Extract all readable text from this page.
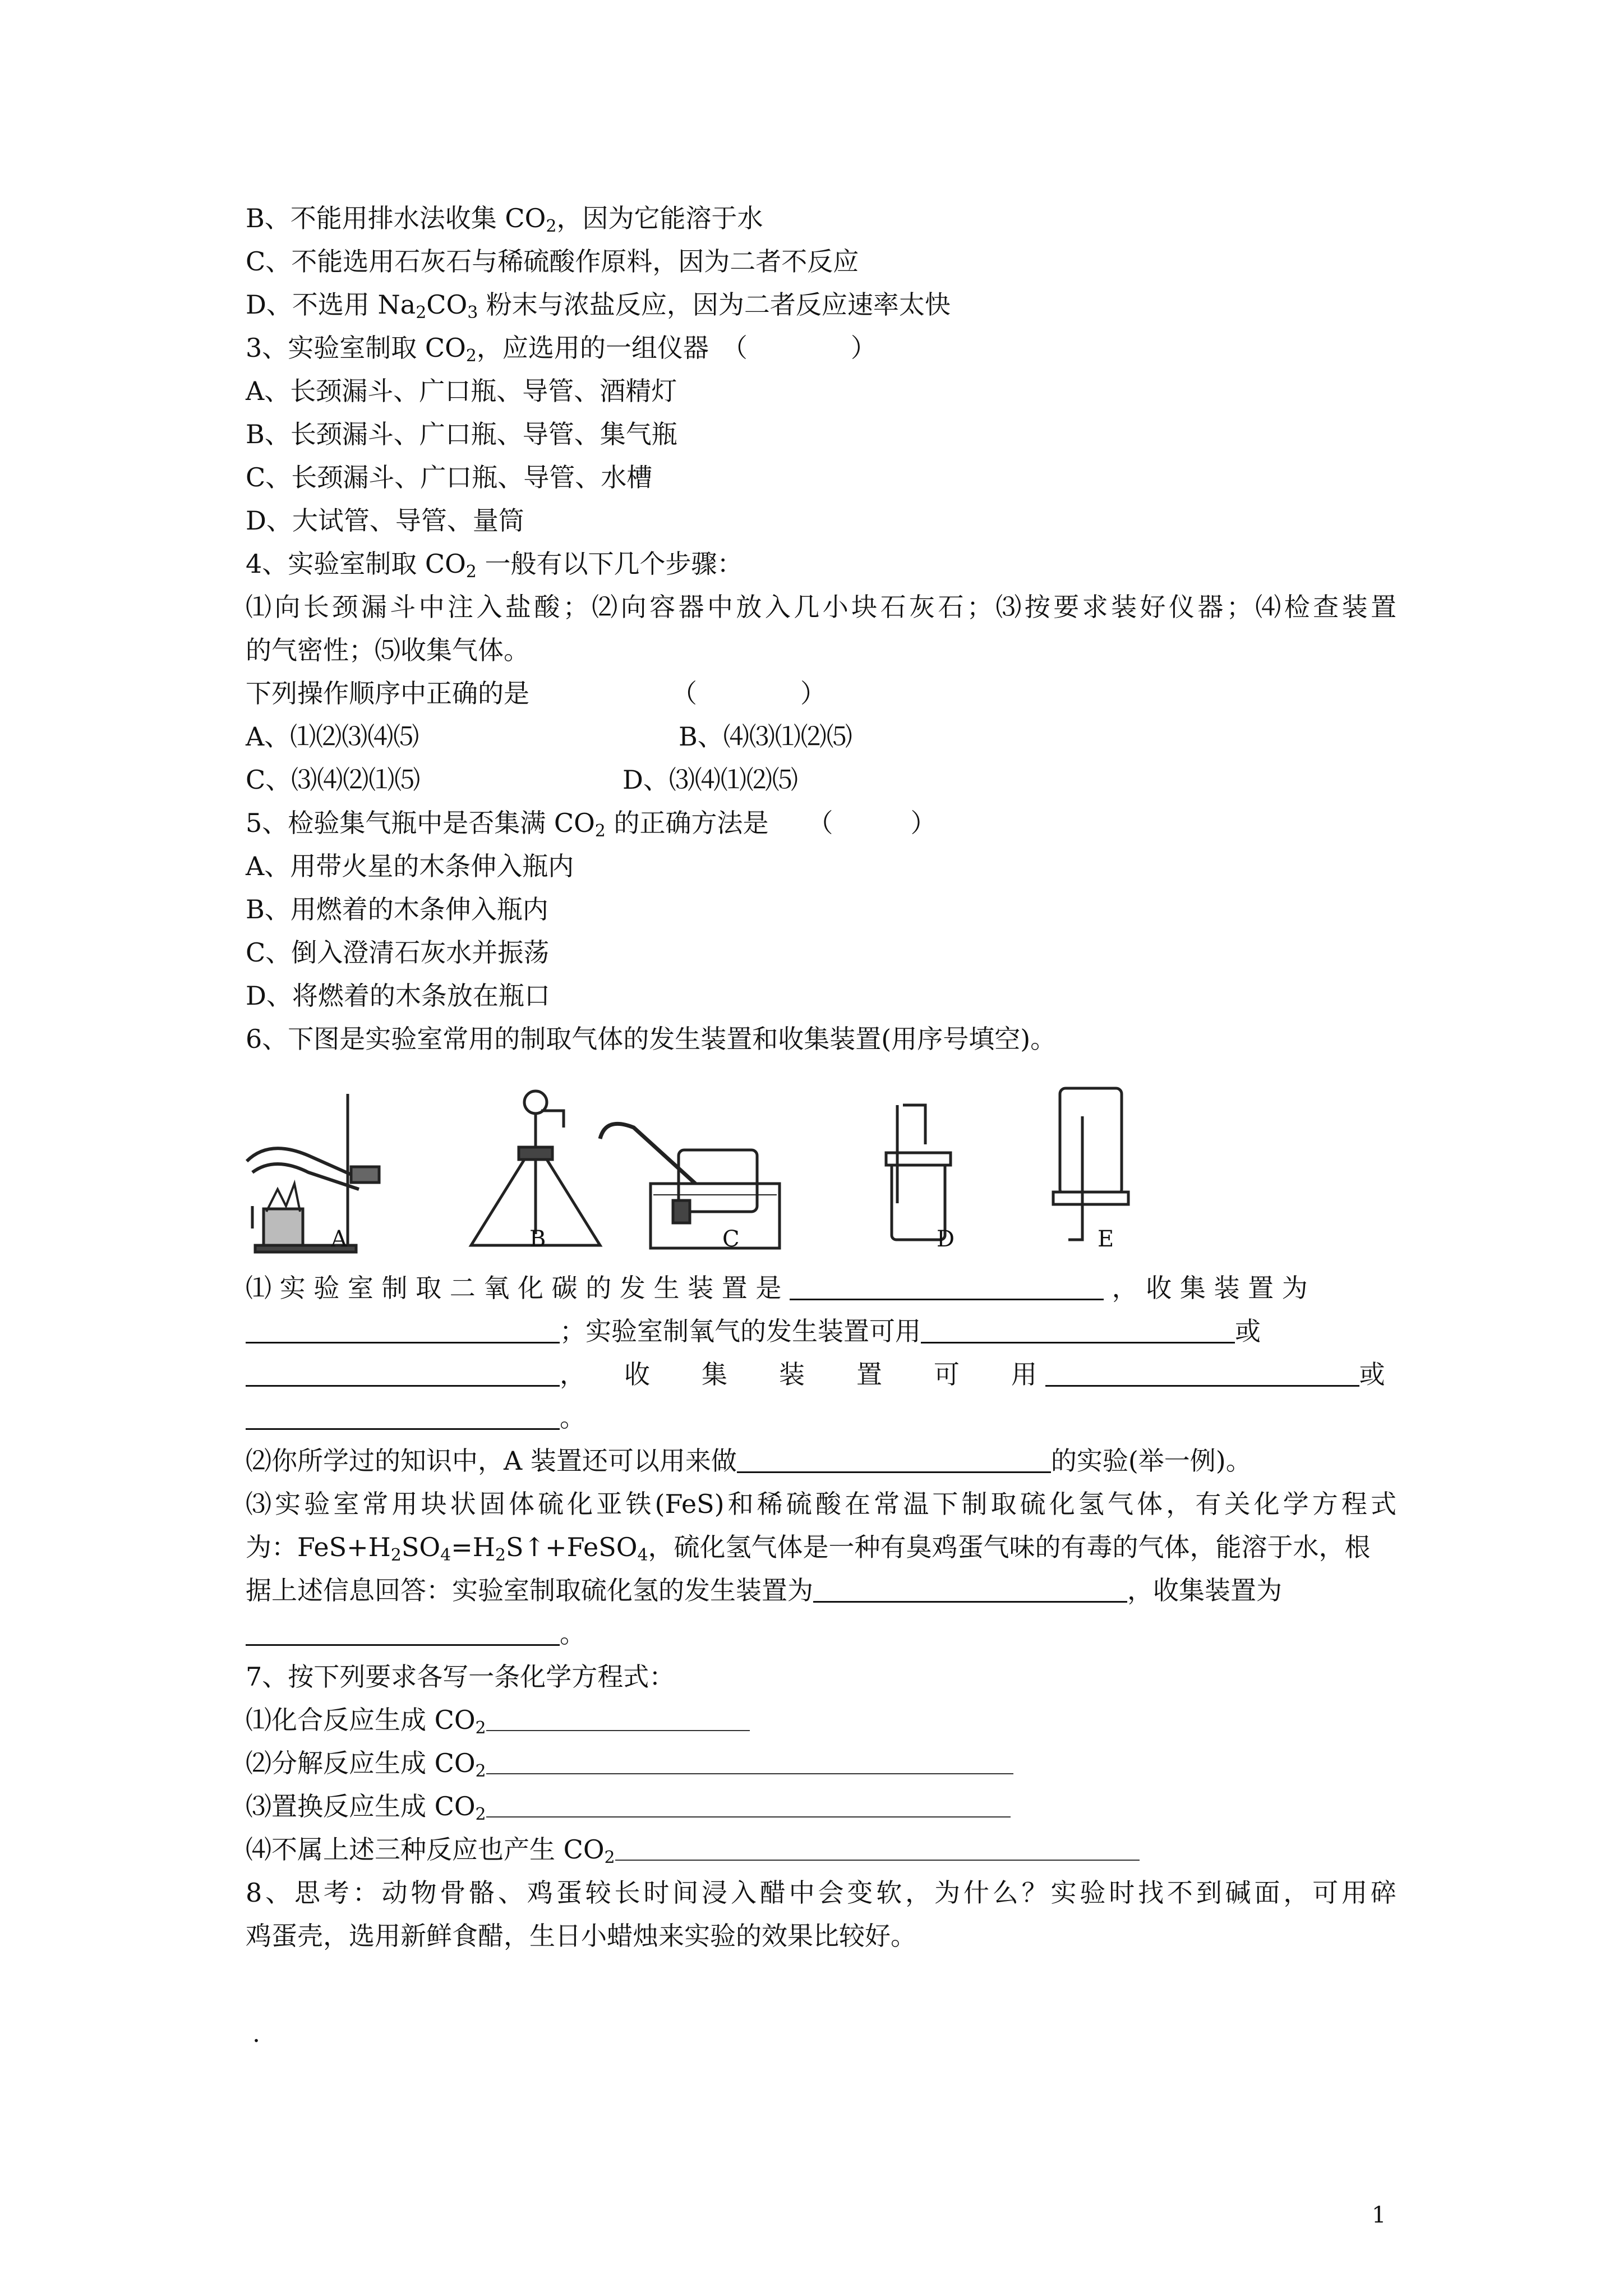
B、不能用排水法收集 $CO_2$，因为它能溶于水
C、不能选用石灰石与稀硫酸作原料，因为二者不反应
D、不选用 $Na_2CO_3$ 粉末与浓盐反应，因为二者反应速率太快
3、实验室制取 $CO_2$，应选用的一组仪器　（　　　　）
A、长颈漏斗、广口瓶、导管、酒精灯
B、长颈漏斗、广口瓶、导管、集气瓶
C、长颈漏斗、广口瓶、导管、水槽
D、大试管、导管、量筒
4、实验室制取 $CO_2$ 一般有以下几个步骤：
⑴向长颈漏斗中注入盐酸；⑵向容器中放入几小块石灰石；⑶按要求装好仪器；⑷检查装置
的气密性；⑸收集气体。
下列操作顺序中正确的是　　　　　　（　　　　）
A、⑴⑵⑶⑷⑸	B、⑷⑶⑴⑵⑸
C、⑶⑷⑵⑴⑸	D、⑶⑷⑴⑵⑸
5、检验集气瓶中是否集满 $CO_2$ 的正确方法是　　（　　　）
A、用带火星的木条伸入瓶内
B、用燃着的木条伸入瓶内
C、倒入澄清石灰水并振荡
D、将燃着的木条放在瓶口
6、下图是实验室常用的制取气体的发生装置和收集装置(用序号填空)。
A	B	C	D	E
⑴ 实 验 室 制 取 二 氧 化 碳 的 发 生 装 置 是	， 收 集 装 置 为
；实验室制氧气的发生装置可用	或
，　　收　　集　　装　　置　　可　　用	或
。
⑵你所学过的知识中，A 装置还可以用来做	的实验(举一例)。
⑶实验室常用块状固体硫化亚铁(FeS)和稀硫酸在常温下制取硫化氢气体，有关化学方程式
为：$FeS+H_2SO_4=H_2S↑+FeSO_4$，硫化氢气体是一种有臭鸡蛋气味的有毒的气体，能溶于水，根
据上述信息回答：实验室制取硫化氢的发生装置为	，收集装置为
。
7、按下列要求各写一条化学方程式：
⑴化合反应生成 $CO_2$
⑵分解反应生成 $CO_2$
⑶置换反应生成 $CO_2$
⑷不属上述三种反应也产生 $CO_2$
8、思考：动物骨骼、鸡蛋较长时间浸入醋中会变软，为什么？实验时找不到碱面，可用碎
鸡蛋壳，选用新鲜食醋，生日小蜡烛来实验的效果比较好。
.
1
